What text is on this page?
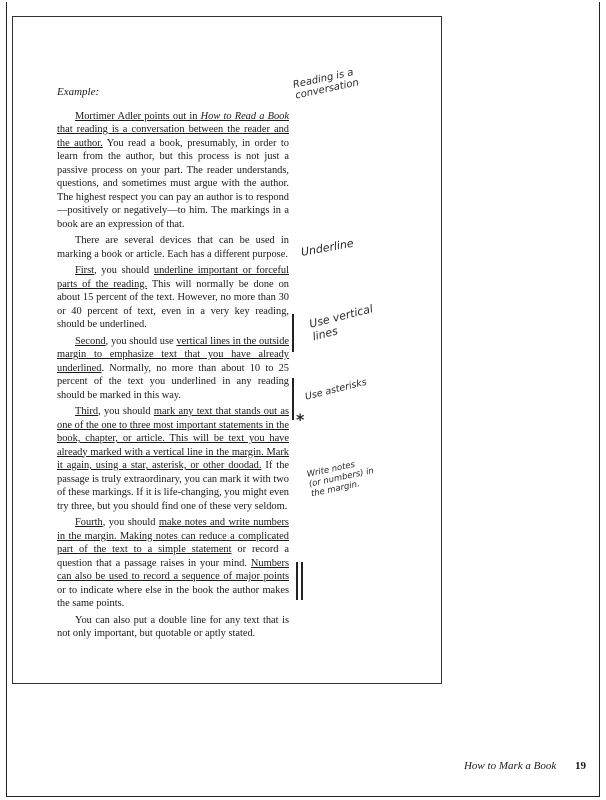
Example:

Mortimer Adler points out in How to Read a Book that reading is a conversation between the reader and the author. You read a book, presumably, in order to learn from the author, but this process is not just a passive process on your part. The reader understands, questions, and sometimes must argue with the author. The highest respect you can pay an author is to respond—positively or negatively—to him. The markings in a book are an expression of that.

There are several devices that can be used in marking a book or article. Each has a different purpose.

First, you should underline important or forceful parts of the reading. This will normally be done on about 15 percent of the text. However, no more than 30 or 40 percent of text, even in a very key reading, should be underlined.

Second, you should use vertical lines in the outside margin to emphasize text that you have already underlined. Normally, no more than about 10 to 25 percent of the text you underlined in any reading should be marked in this way.

Third, you should mark any text that stands out as one of the one to three most important statements in the book, chapter, or article. This will be text you have already marked with a vertical line in the margin. Mark it again, using a star, asterisk, or other doodad. If the passage is truly extraordinary, you can mark it with two of these markings. If it is life-changing, you might even try three, but you should find one of these very seldom.

Fourth, you should make notes and write numbers in the margin. Making notes can reduce a complicated part of the text to a simple statement or record a question that a passage raises in your mind. Numbers can also be used to record a sequence of major points or to indicate where else in the book the author makes the same points.

You can also put a double line for any text that is not only important, but quotable or aptly stated.

Reading is a
conversation
Underline
Use vertical
lines
Use asterisks
*
Write notes
(or numbers) in
the margin.
How to Mark a Book 19
